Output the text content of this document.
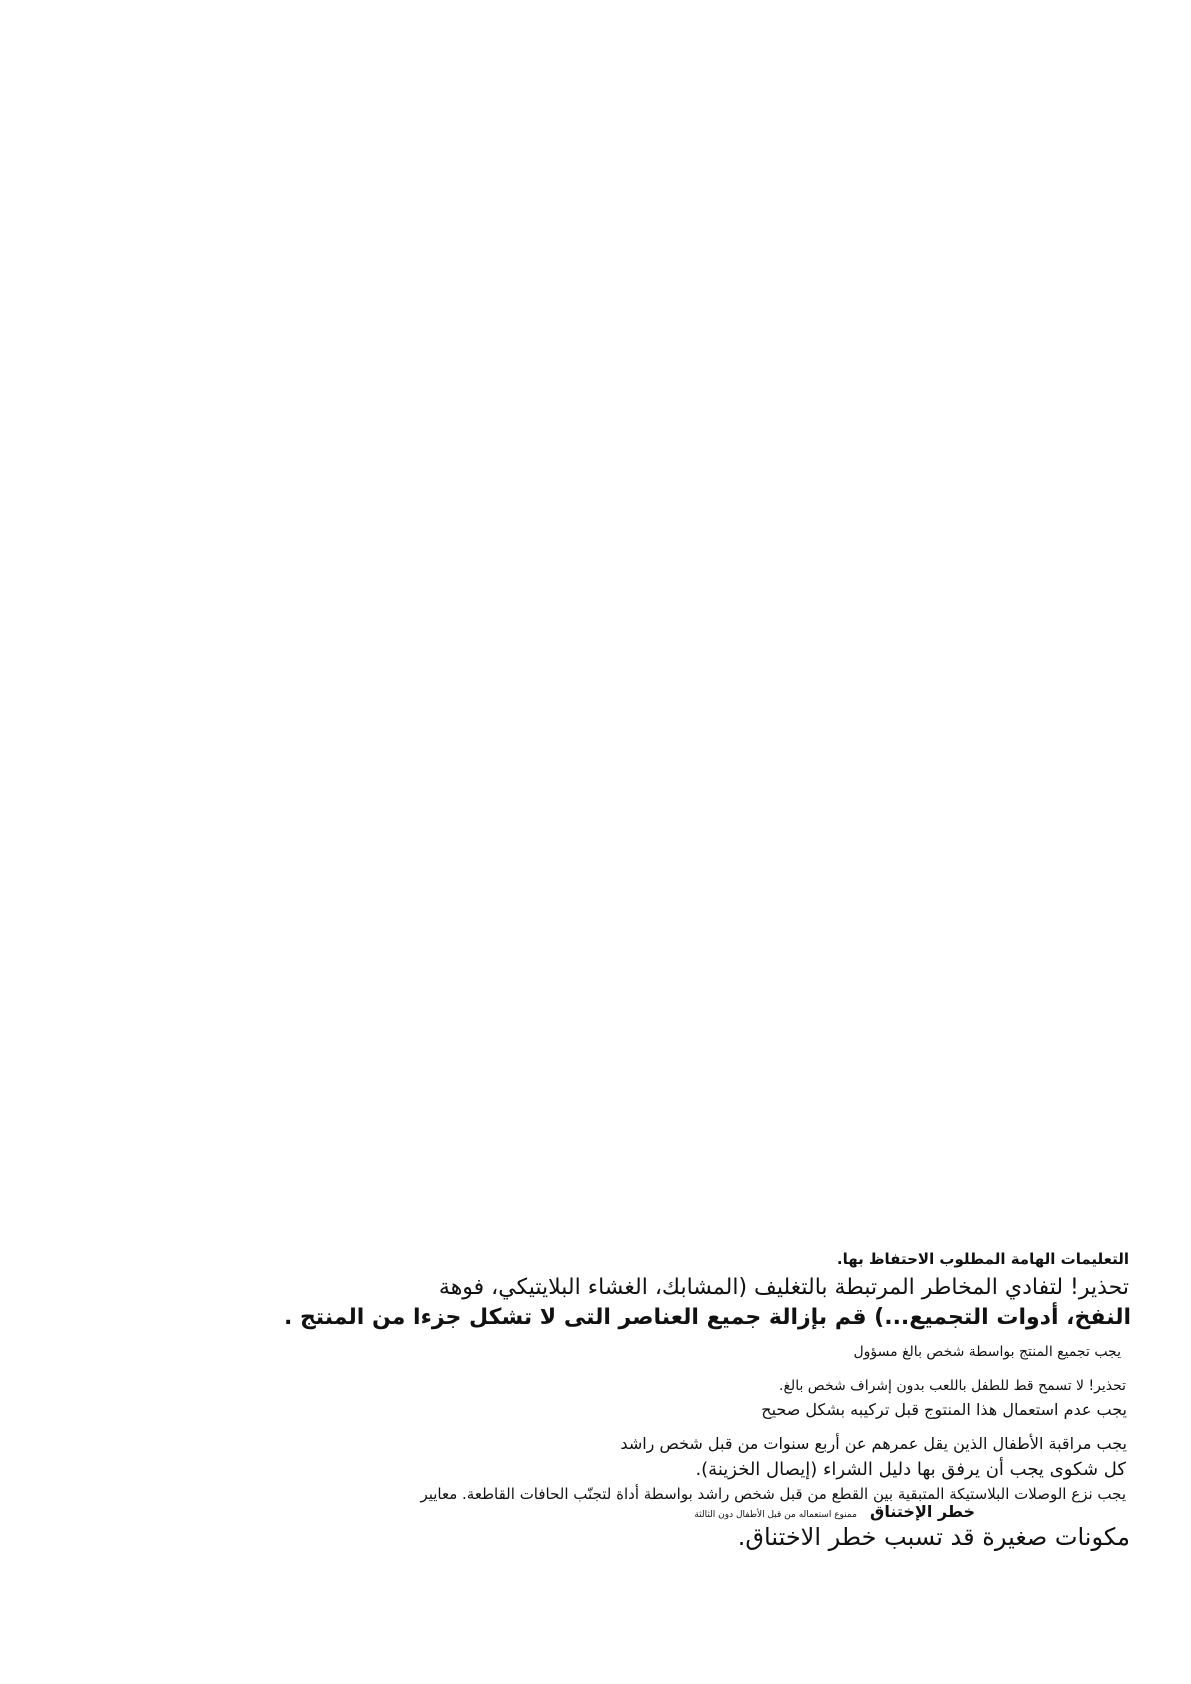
التعليمات الهامة المطلوب الاحتفاظ بها.
تحذير! لتفادي المخاطر المرتبطة بالتغليف (المشابك، الغشاء البلايتيكي، فوهة
النفخ، أدوات التجميع...) قم بإزالة جميع العناصر التى لا تشكل جزءا من المنتج .
يجب تجميع المنتج بواسطة شخص بالغ مسؤول
تحذير! لا تسمح قط للطفل باللعب بدون إشراف شخص بالغ.
يجب عدم استعمال هذا المنتوج قبل تركيبه بشكل صحيح
يجب مراقبة الأطفال الذين يقل عمرهم عن أربع سنوات من قبل شخص راشد
كل شكوى يجب أن يرفق بها دليل الشراء (إيصال الخزينة).
يجب نزع الوصلات البلاستيكة المتبقية بين القطع من قبل شخص راشد بواسطة أداة لتجنّب الحافات القاطعة. معايير
خطر الإختناق ممنوع استعماله من قبل الأطفال دون الثالثة
مكونات صغيرة قد تسبب خطر الاختناق.
